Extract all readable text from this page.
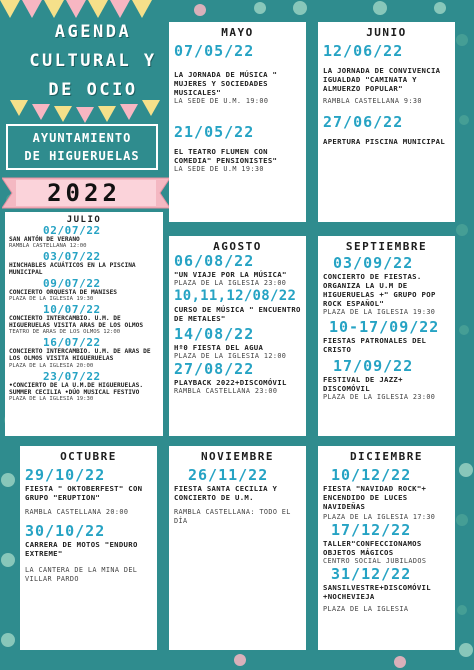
AGENDA
CULTURAL Y
DE OCIO
AYUNTAMIENTO
DE HIGUERUELAS
2022
JULIO
02/07/22
SAN ANTÓN DE VERANO
RAMBLA CASTELLANA 12:00
03/07/22
HINCHABLES ACUÁTICOS EN LA PISCINA MUNICIPAL
09/07/22
CONCIERTO ORQUESTA DE MANISES
PLAZA DE LA IGLESIA 19:30
10/07/22
CONCIERTO INTERCAMBIO. U.M. DE HIGUERUELAS VISITA ARAS DE LOS OLMOS
TEATRO DE ARAS DE LOS OLMOS 12:00
16/07/22
CONCIERTO INTERCAMBIO. U.M. DE ARAS DE LOS OLMOS VISITA HIGUERUELAS
PLAZA DE LA IGLESIA 20:00
23/07/22
•CONCIERTO DE LA U.M.DE HIGUERUELAS. SUMMER CECILIA •DÚO MUSICAL FESTIVO
PLAZA DE LA IGLESIA 19:30
MAYO
07/05/22
LA JORNADA DE MÚSICA " MUJERES Y SOCIEDADES MUSICALES"
LA SEDE DE U.M. 19:00
21/05/22
EL TEATRO FLUMEN CON COMEDIA" PENSIONISTES"
LA SEDE DE U.M 19:30
JUNIO
12/06/22
LA JORNADA DE CONVIVENCIA IGUALDAD "CAMINATA Y ALMUERZO POPULAR"
RAMBLA CASTELLANA 9:30
27/06/22
APERTURA PISCINA MUNICIPAL
AGOSTO
06/08/22
"UN VIAJE POR LA MÚSICA"
PLAZA DE LA IGLESIA 23:00
10,11,12/08/22
CURSO DE MÚSICA " ENCUENTRO DE METALES"
14/08/22
Hº0 FIESTA DEL AGUA
PLAZA DE LA IGLESIA 12:00
27/08/22
PLAYBACK 2022+DISCOMÓVIL
RAMBLA CASTELLANA 23:00
SEPTIEMBRE
03/09/22
CONCIERTO DE FIESTAS. ORGANIZA LA U.M DE HIGUERUELAS +" GRUPO POP ROCK ESPAÑOL"
PLAZA DE LA IGLESIA 19:30
10-17/09/22
FIESTAS PATRONALES DEL CRISTO
17/09/22
FESTIVAL DE JAZZ+ DISCOMÓVIL
PLAZA DE LA IGLESIA 23:00
OCTUBRE
29/10/22
FIESTA " OKTOBERFEST" CON GRUPO "ERUPTION"
RAMBLA CASTELLANA 20:00
30/10/22
CARRERA DE MOTOS "ENDURO EXTREME"
LA CANTERA DE LA MINA DEL VILLAR PARDO
NOVIEMBRE
26/11/22
FIESTA SANTA CECILIA Y CONCIERTO DE U.M.
RAMBLA CASTELLANA: TODO EL DÍA
DICIEMBRE
10/12/22
FIESTA "NAVIDAD ROCK"+ ENCENDIDO DE LUCES NAVIDEÑAS
PLAZA DE LA IGLESIA 17:30
17/12/22
TALLER"CONFECCIONAMOS OBJETOS MÁGICOS
CENTRO SOCIAL JUBILADOS
31/12/22
SANSILVESTRE+DISCOMÓVIL +NOCHEVIEJA
PLAZA DE LA IGLESIA
